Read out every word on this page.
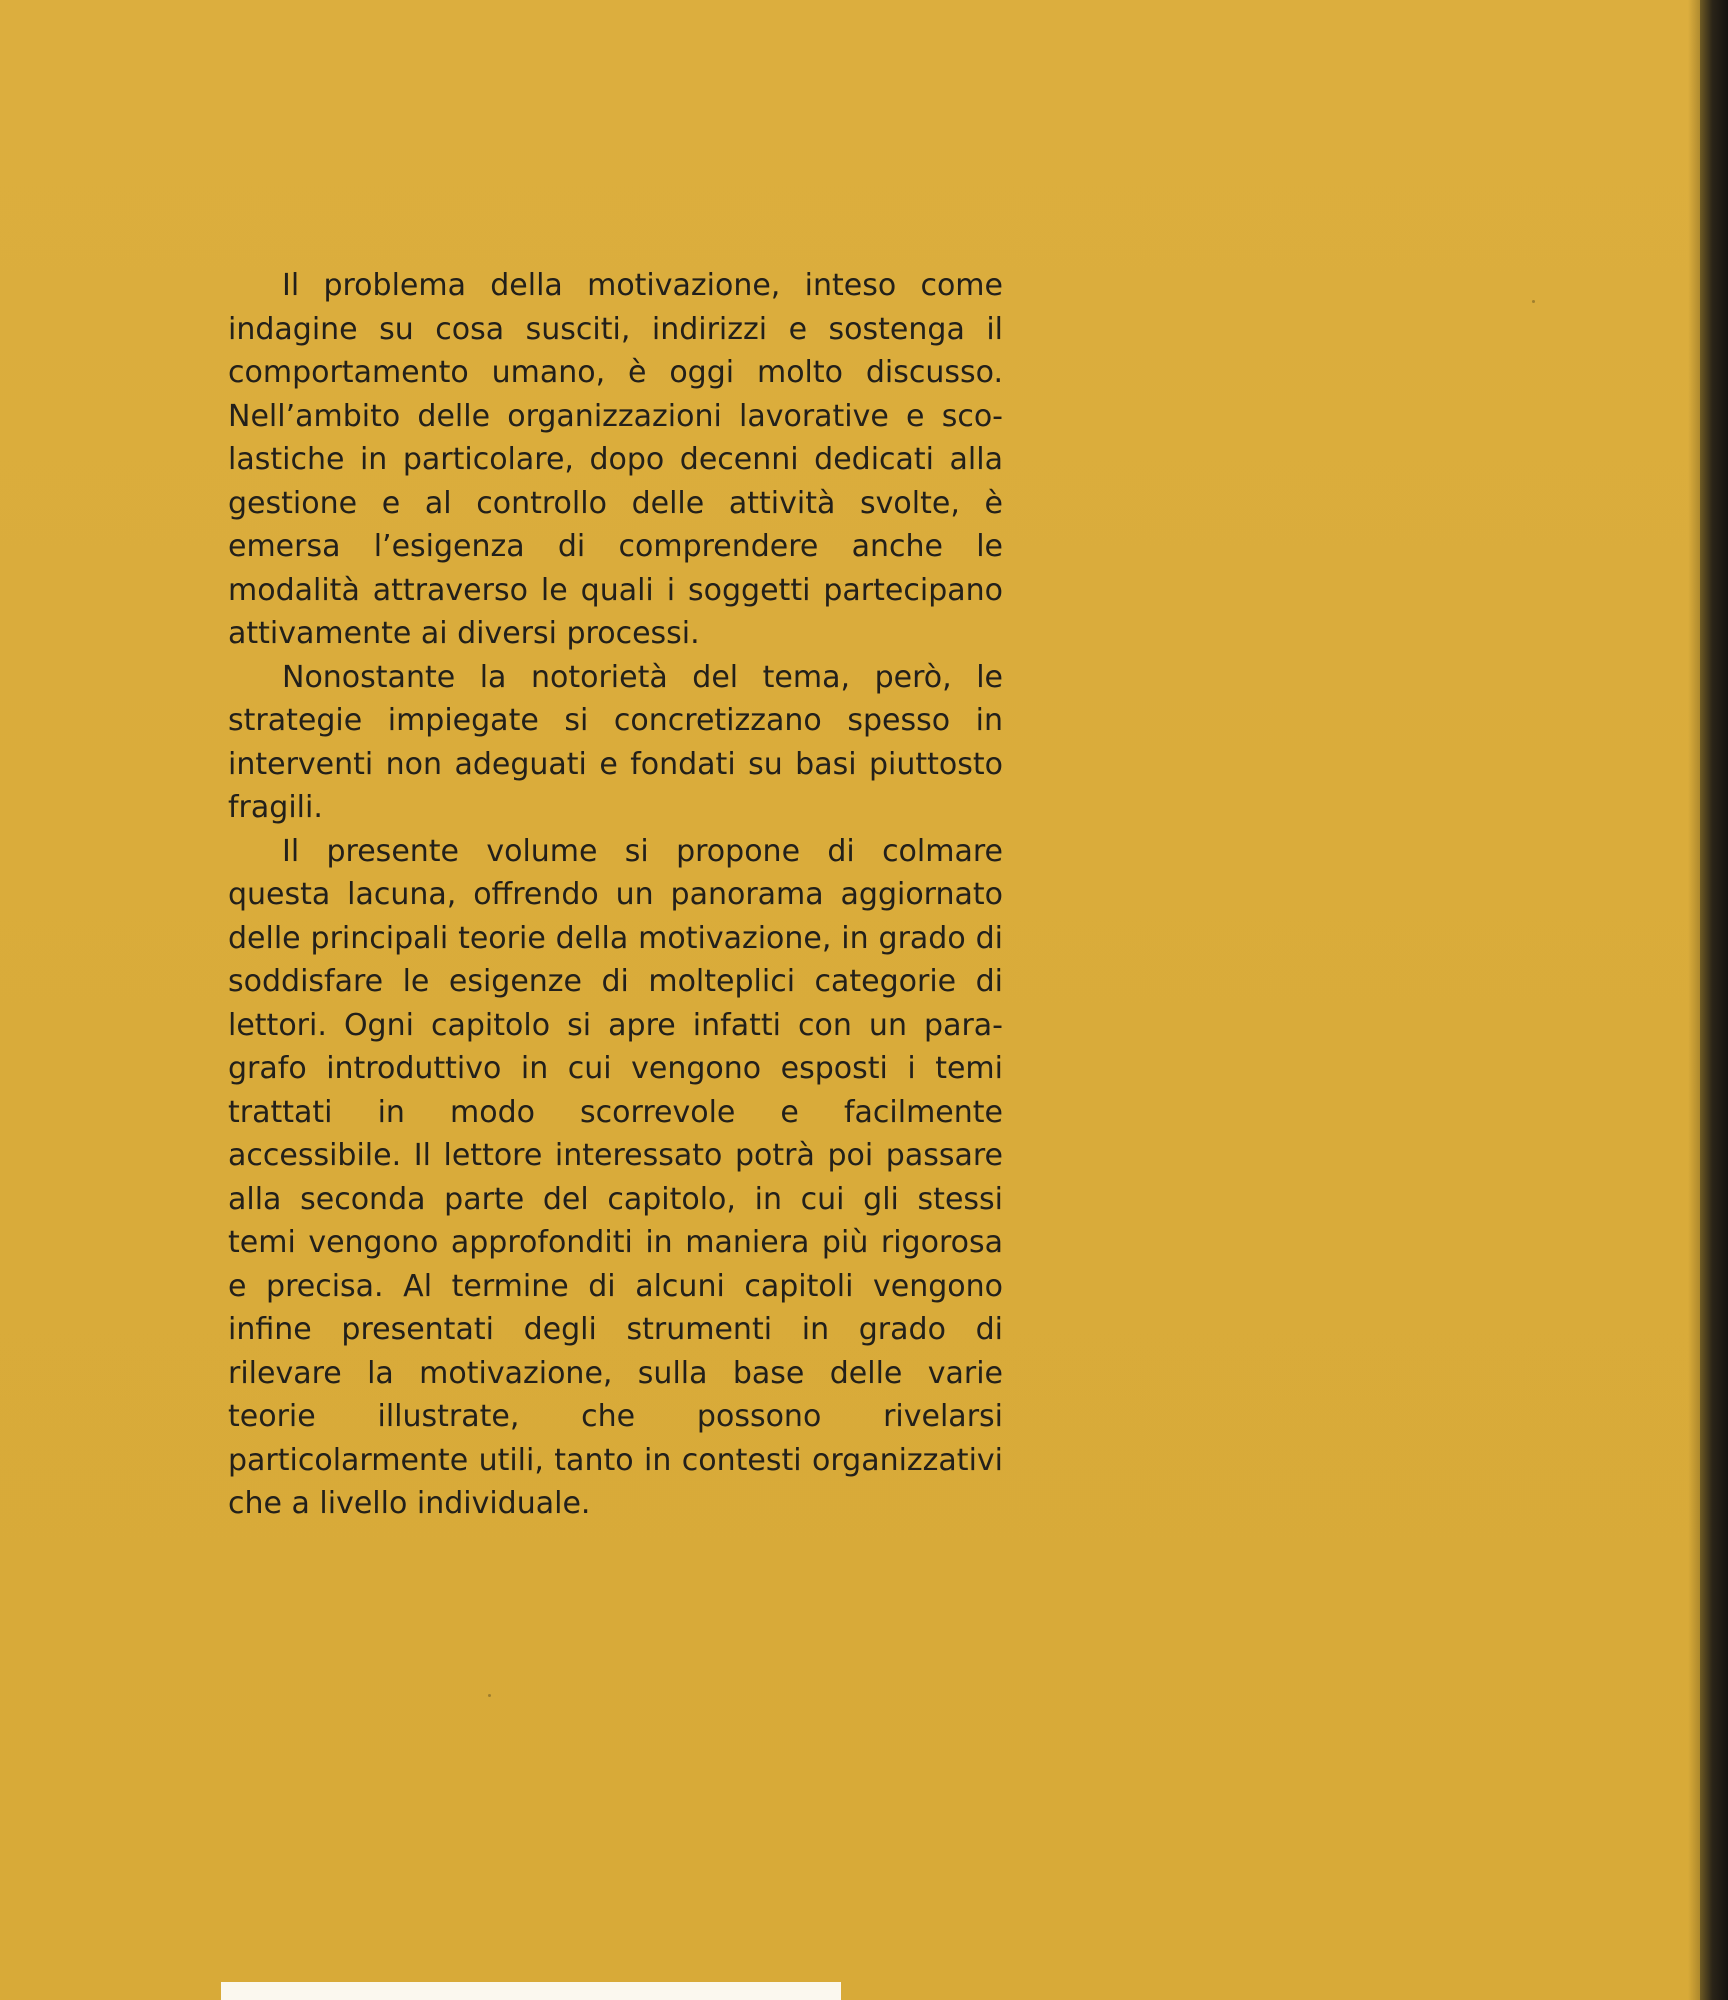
Il problema della motivazione, inteso come indagine su cosa susciti, indirizzi e sostenga il comportamento umano, è oggi molto discusso. Nell’ambito delle organizzazioni lavorative e scolastiche in particolare, dopo decenni dedicati alla gestione e al controllo delle attività svolte, è emersa l’esigenza di comprendere anche le modalità attraverso le quali i soggetti partecipano attivamente ai diversi processi.

Nonostante la notorietà del tema, però, le strategie impiegate si concretizzano spesso in interventi non adeguati e fondati su basi piuttosto fragili.

Il presente volume si propone di colmare questa lacuna, offrendo un panorama aggiornato delle principali teorie della motivazione, in grado di soddisfare le esigenze di molteplici categorie di lettori. Ogni capitolo si apre infatti con un paragrafo introduttivo in cui vengono esposti i temi trattati in modo scorrevole e facilmente accessibile. Il lettore interessato potrà poi passare alla seconda parte del capitolo, in cui gli stessi temi vengono approfonditi in maniera più rigorosa e precisa. Al termine di alcuni capitoli vengono infine presentati degli strumenti in grado di rilevare la motivazione, sulla base delle varie teorie illustrate, che possono rivelarsi particolarmente utili, tanto in contesti organizzativi che a livello individuale.
